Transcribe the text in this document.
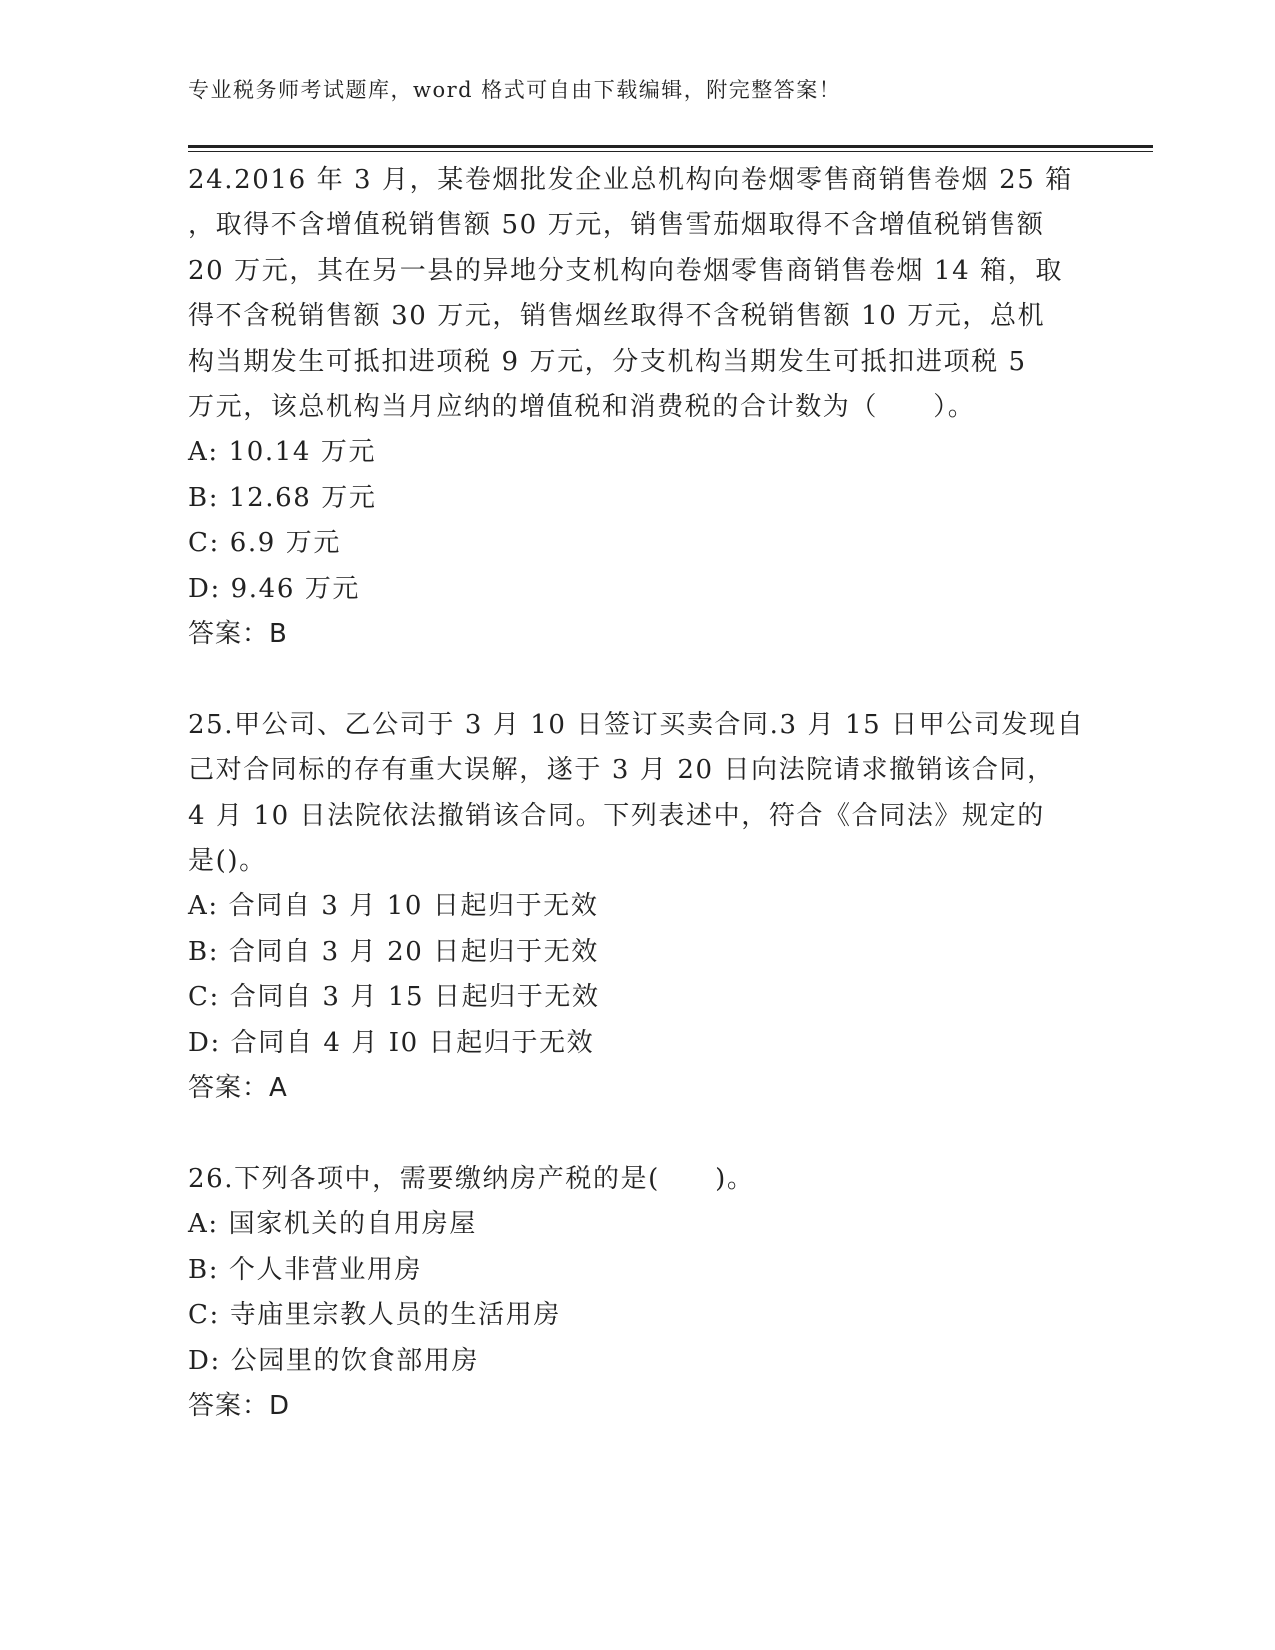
专业税务师考试题库，word 格式可自由下载编辑，附完整答案！
24.2016 年 3 月，某卷烟批发企业总机构向卷烟零售商销售卷烟 25 箱
，取得不含增值税销售额 50 万元，销售雪茄烟取得不含增值税销售额
20 万元，其在另一县的异地分支机构向卷烟零售商销售卷烟 14 箱，取
得不含税销售额 30 万元，销售烟丝取得不含税销售额 10 万元，总机
构当期发生可抵扣进项税 9 万元，分支机构当期发生可抵扣进项税 5
万元，该总机构当月应纳的增值税和消费税的合计数为（　　）。
A: 10.14 万元
B: 12.68 万元
C: 6.9 万元
D: 9.46 万元
答案：B
25.甲公司、乙公司于 3 月 10 日签订买卖合同.3 月 15 日甲公司发现自
己对合同标的存有重大误解，遂于 3 月 20 日向法院请求撤销该合同，
4 月 10 日法院依法撤销该合同。下列表述中，符合《合同法》规定的
是()。
A: 合同自 3 月 10 日起归于无效
B: 合同自 3 月 20 日起归于无效
C: 合同自 3 月 15 日起归于无效
D: 合同自 4 月 I0 日起归于无效
答案：A
26.下列各项中，需要缴纳房产税的是(　　)。
A: 国家机关的自用房屋
B: 个人非营业用房
C: 寺庙里宗教人员的生活用房
D: 公园里的饮食部用房
答案：D
